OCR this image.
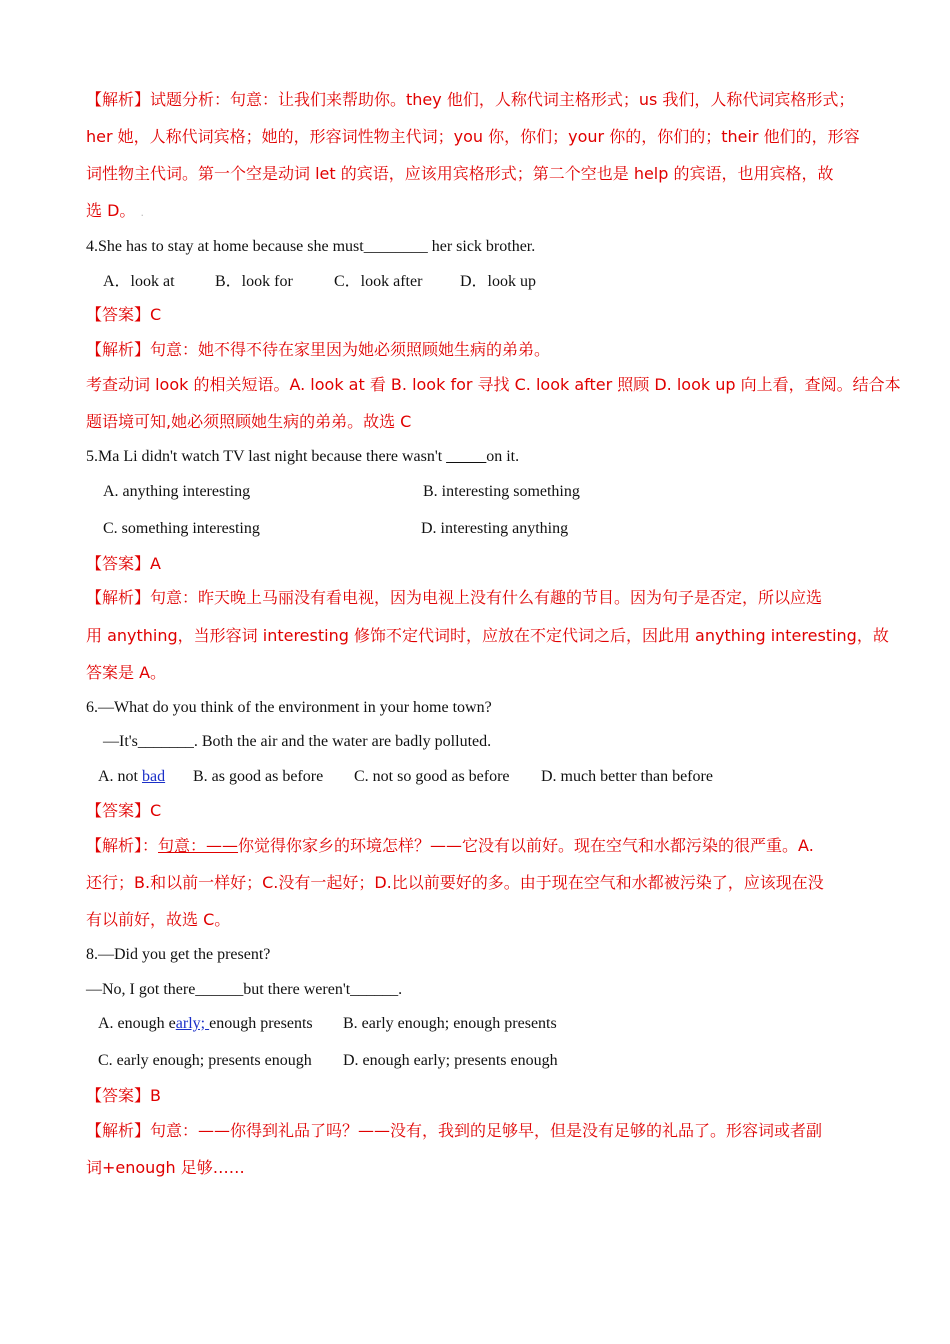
【解析】试题分析：句意：让我们来帮助你。they 他们，人称代词主格形式；us 我们，人称代词宾格形式；
her 她，人称代词宾格；她的，形容词性物主代词；you 你，你们；your 你的，你们的；their 他们的，形容
词性物主代词。第一个空是动词 let 的宾语，应该用宾格形式；第二个空也是 help 的宾语，也用宾格，故
选 D。 .
4.She has to stay at home because she must________ her sick brother.
A．look at	B．look for	C．look after D．look up
【答案】C
【解析】句意：她不得不待在家里因为她必须照顾她生病的弟弟。
考查动词 look 的相关短语。A. look at 看 B. look for 寻找 C. look after 照顾 D. look up 向上看，查阅。结合本
题语境可知,她必须照顾她生病的弟弟。故选 C
5.Ma Li didn't watch TV last night because there wasn't _____on it.
A. anything interesting	B. interesting something
C. something interesting	D. interesting anything
【答案】A
【解析】句意：昨天晚上马丽没有看电视，因为电视上没有什么有趣的节目。因为句子是否定，所以应选
用 anything，当形容词 interesting 修饰不定代词时，应放在不定代词之后，因此用 anything interesting，故
答案是 A。
6.—What do you think of the environment in your home town?
—It's_______. Both the air and the water are badly polluted.
A. not bad B. as good as before C. not so good as before D. much better than before
【答案】C
【解析】：句意：——你觉得你家乡的环境怎样？——它没有以前好。现在空气和水都污染的很严重。A.
还行；B.和以前一样好；C.没有一起好；D.比以前要好的多。由于现在空气和水都被污染了，应该现在没
有以前好，故选 C。
8.—Did you get the present?
—No, I got there______but there weren't______.
A. enough early; enough presents B. early enough; enough presents
C. early enough; presents enough D. enough early; presents enough
【答案】B
【解析】句意：——你得到礼品了吗？——没有，我到的足够早，但是没有足够的礼品了。形容词或者副
词+enough 足够……
